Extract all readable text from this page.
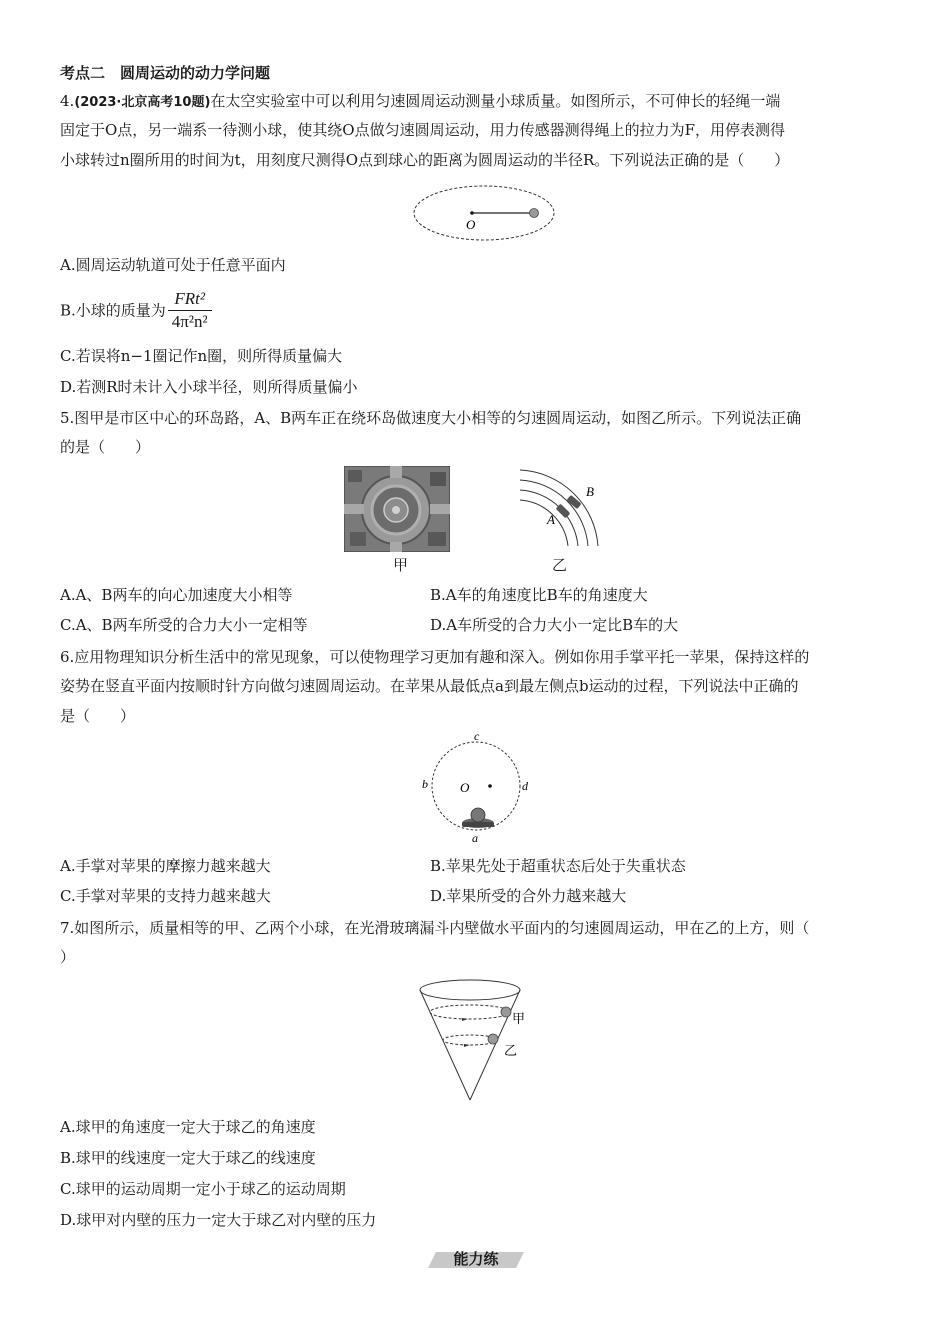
考点二　圆周运动的动力学问题
4.(2023·北京高考10题)在太空实验室中可以利用匀速圆周运动测量小球质量。如图所示，不可伸长的轻绳一端
固定于O点，另一端系一待测小球，使其绕O点做匀速圆周运动，用力传感器测得绳上的拉力为F，用停表测得
小球转过n圈所用的时间为t，用刻度尺测得O点到球心的距离为圆周运动的半径R。下列说法正确的是（　　）
O
A.圆周运动轨道可处于任意平面内
B.小球的质量为 $\frac{\text{FRt²}}{\text{4π²n²}}$
C.若误将n−1圈记作n圈，则所得质量偏大
D.若测R时未计入小球半径，则所得质量偏小
5.图甲是市区中心的环岛路，A、B两车正在绕环岛做速度大小相等的匀速圆周运动，如图乙所示。下列说法正确
的是（　　）
甲
B
A
乙
A.A、B两车的向心加速度大小相等	B.A车的角速度比B车的角速度大
C.A、B两车所受的合力大小一定相等	D.A车所受的合力大小一定比B车的大
6.应用物理知识分析生活中的常见现象，可以使物理学习更加有趣和深入。例如你用手掌平托一苹果，保持这样的
姿势在竖直平面内按顺时针方向做匀速圆周运动。在苹果从最低点a到最左侧点b运动的过程，下列说法中正确的
是（　　）
O
c
b	d
a
A.手掌对苹果的摩擦力越来越大	B.苹果先处于超重状态后处于失重状态
C.手掌对苹果的支持力越来越大	D.苹果所受的合外力越来越大
7.如图所示，质量相等的甲、乙两个小球，在光滑玻璃漏斗内壁做水平面内的匀速圆周运动，甲在乙的上方，则（
）
甲
乙
A.球甲的角速度一定大于球乙的角速度
B.球甲的线速度一定大于球乙的线速度
C.球甲的运动周期一定小于球乙的运动周期
D.球甲对内壁的压力一定大于球乙对内壁的压力
能力练
